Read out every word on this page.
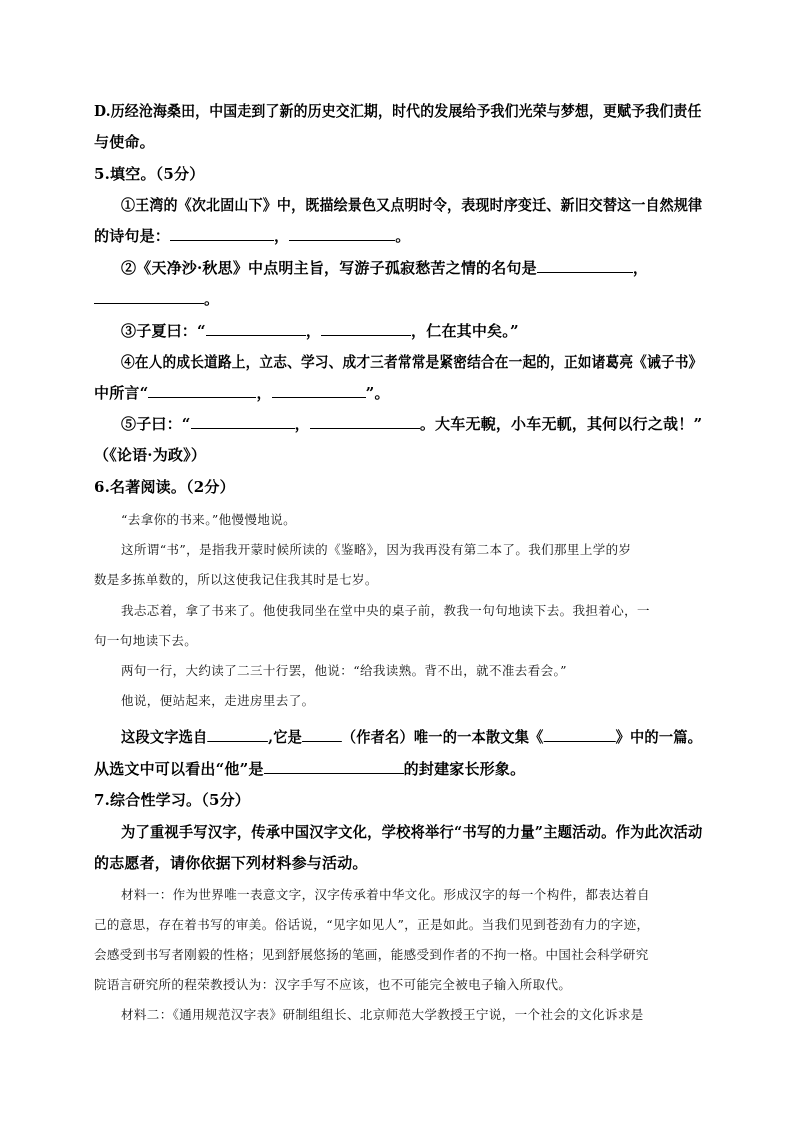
D.历经沧海桑田，中国走到了新的历史交汇期，时代的发展给予我们光荣与梦想，更赋予我们责任
与使命。
5.填空。（5分）
①王湾的《次北固山下》中，既描绘景色又点明时令，表现时序变迁、新旧交替这一自然规律
的诗句是：	，	。
②《天净沙·秋思》中点明主旨，写游子孤寂愁苦之情的名句是	，
。
③子夏曰：“	，	，仁在其中矣。”
④在人的成长道路上，立志、学习、成才三者常常是紧密结合在一起的，正如诸葛亮《诫子书》
中所言“	，	”。
⑤子曰：“	，	。大车无輗，小车无軏，其何以行之哉！”
（《论语·为政》）
6.名著阅读。（2分）
“去拿你的书来。”他慢慢地说。
这所谓“书”，是指我开蒙时候所读的《鉴略》，因为我再没有第二本了。我们那里上学的岁
数是多拣单数的，所以这使我记住我其时是七岁。
我忐忑着，拿了书来了。他使我同坐在堂中央的桌子前，教我一句句地读下去。我担着心，一
句一句地读下去。
两句一行，大约读了二三十行罢，他说：“给我读熟。背不出，就不准去看会。”
他说，便站起来，走进房里去了。
这段文字选自	,它是	（作者名）唯一的一本散文集《	》中的一篇。
从选文中可以看出“他”是	的封建家长形象。
7.综合性学习。（5分）
为了重视手写汉字，传承中国汉字文化，学校将举行“书写的力量”主题活动。作为此次活动
的志愿者，请你依据下列材料参与活动。
材料一：作为世界唯一表意文字，汉字传承着中华文化。形成汉字的每一个构件，都表达着自
己的意思，存在着书写的审美。俗话说，“见字如见人”，正是如此。当我们见到苍劲有力的字迹，
会感受到书写者刚毅的性格；见到舒展悠扬的笔画，能感受到作者的不拘一格。中国社会科学研究
院语言研究所的程荣教授认为：汉字手写不应该，也不可能完全被电子输入所取代。
材料二：《通用规范汉字表》研制组组长、北京师范大学教授王宁说，一个社会的文化诉求是
